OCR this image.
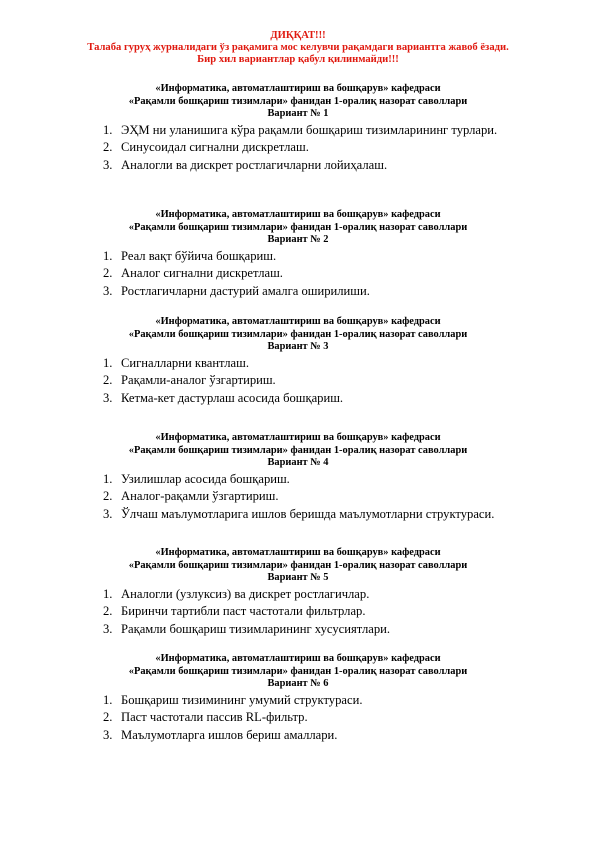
ДИҚҚАТ!!!
Талаба гуруҳ журналидаги ўз рақамига мос келувчи рақамдаги вариантга жавоб ёзади.
Бир хил вариантлар қабул қилинмайди!!!
«Информатика, автоматлаштириш ва бошқарув» кафедраси
«Рақамли бошқариш тизимлари» фанидан 1-оралиқ назорат саволлари
Вариант № 1
1. ЭҲМ ни уланишига кўра рақамли бошқариш тизимларининг турлари.
2. Синусоидал сигнални дискретлаш.
3. Аналогли ва дискрет ростлагичларни лойиҳалаш.
«Информатика, автоматлаштириш ва бошқарув» кафедраси
«Рақамли бошқариш тизимлари» фанидан 1-оралиқ назорат саволлари
Вариант № 2
1. Реал вақт бўйича бошқариш.
2. Аналог сигнални дискретлаш.
3. Ростлагичларни дастурий амалга оширилиши.
«Информатика, автоматлаштириш ва бошқарув» кафедраси
«Рақамли бошқариш тизимлари» фанидан 1-оралиқ назорат саволлари
Вариант № 3
1. Сигналларни квантлаш.
2. Рақамли-аналог ўзгартириш.
3. Кетма-кет дастурлаш асосида бошқариш.
«Информатика, автоматлаштириш ва бошқарув» кафедраси
«Рақамли бошқариш тизимлари» фанидан 1-оралиқ назорат саволлари
Вариант № 4
1. Узилишлар асосида бошқариш.
2. Аналог-рақамли ўзгартириш.
3. Ўлчаш маълумотларига ишлов беришда маълумотларни структураси.
«Информатика, автоматлаштириш ва бошқарув» кафедраси
«Рақамли бошқариш тизимлари» фанидан 1-оралиқ назорат саволлари
Вариант № 5
1. Аналогли (узлуксиз) ва дискрет ростлагичлар.
2. Биринчи тартибли паст частотали фильтрлар.
3. Рақамли бошқариш тизимларининг хусусиятлари.
«Информатика, автоматлаштириш ва бошқарув» кафедраси
«Рақамли бошқариш тизимлари» фанидан 1-оралиқ назорат саволлари
Вариант № 6
1. Бошқариш тизимининг умумий структураси.
2. Паст частотали пассив RL-фильтр.
3. Маълумотларга ишлов бериш амаллари.
